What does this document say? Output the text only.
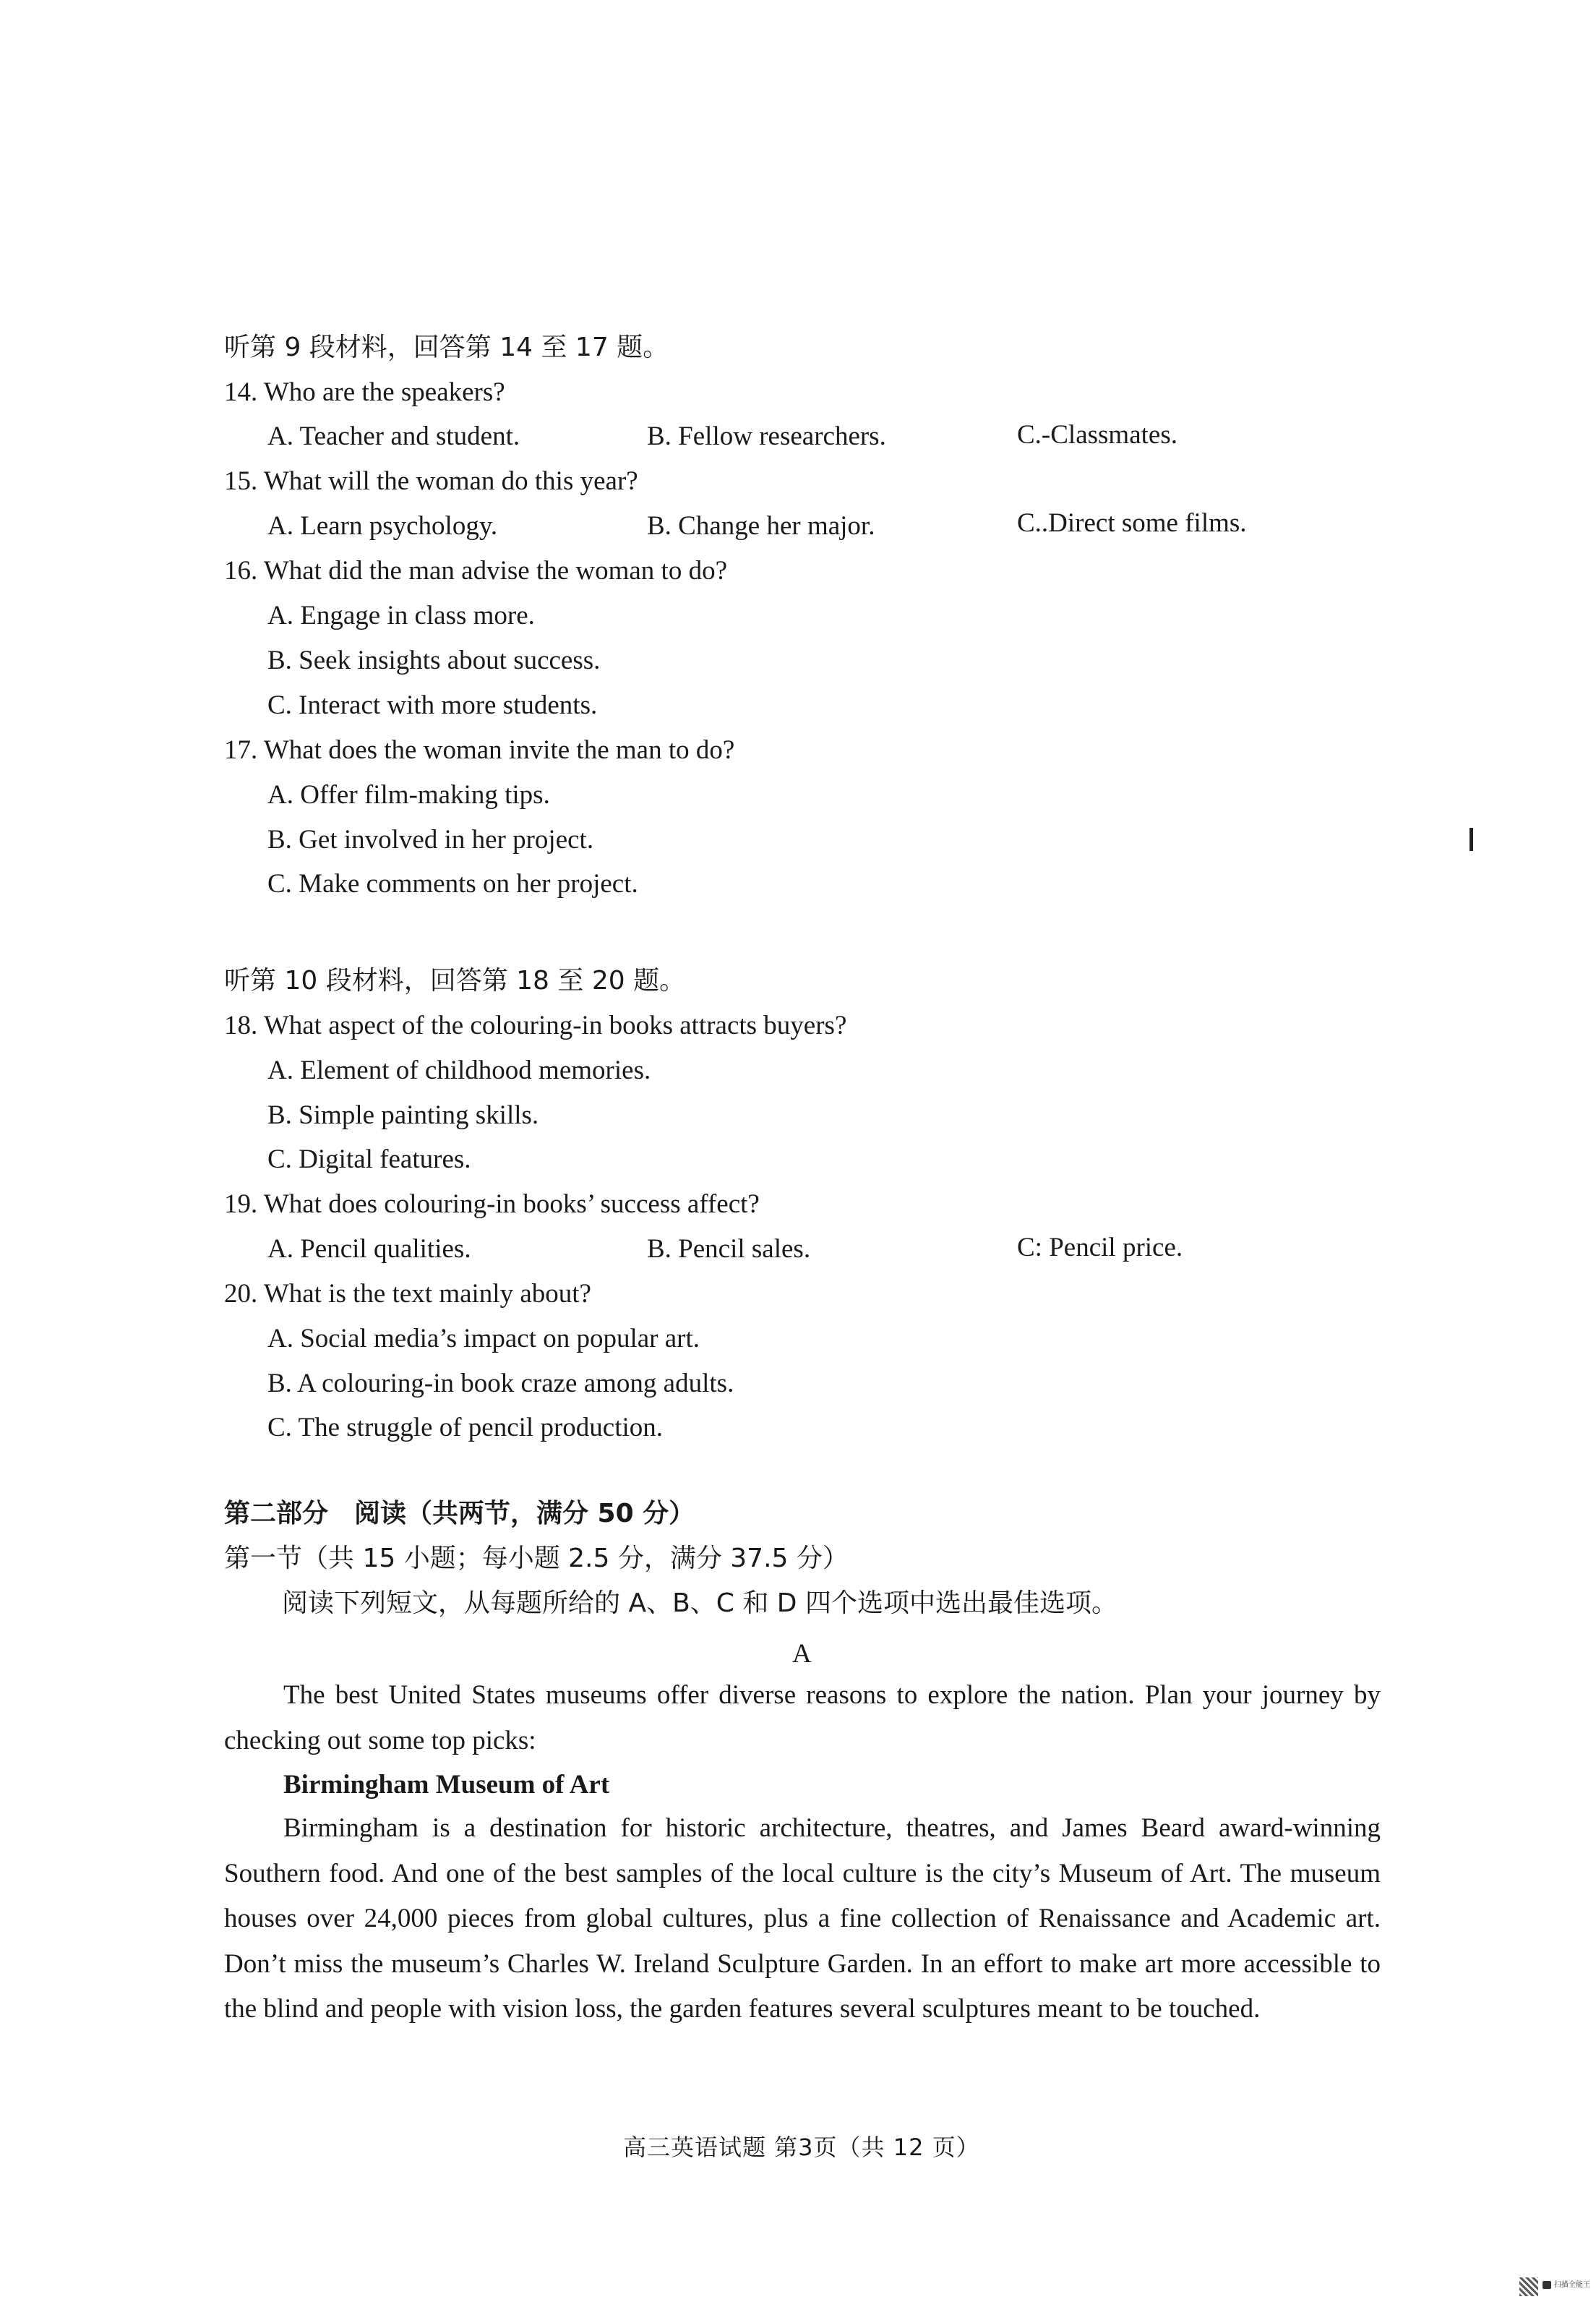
听第 9 段材料，回答第 14 至 17 题。
14. Who are the speakers?
A. Teacher and student.	B. Fellow researchers.	C.-Classmates.
15. What will the woman do this year?
A. Learn psychology.	B. Change her major.	C..Direct some films.
16. What did the man advise the woman to do?
A. Engage in class more.
B. Seek insights about success.
C. Interact with more students.
17. What does the woman invite the man to do?
A. Offer film-making tips.
B. Get involved in her project.
C. Make comments on her project.
听第 10 段材料，回答第 18 至 20 题。
18. What aspect of the colouring-in books attracts buyers?
A. Element of childhood memories.
B. Simple painting skills.
C. Digital features.
19. What does colouring-in books’ success affect?
A. Pencil qualities.	B. Pencil sales.	C: Pencil price.
20. What is the text mainly about?
A. Social media’s impact on popular art.
B. A colouring-in book craze among adults.
C. The struggle of pencil production.
第二部分　阅读（共两节，满分 50 分）
第一节（共 15 小题；每小题 2.5 分，满分 37.5 分）
阅读下列短文，从每题所给的 A、B、C 和 D 四个选项中选出最佳选项。
A
The best United States museums offer diverse reasons to explore the nation. Plan your journey by checking out some top picks:
Birmingham Museum of Art
Birmingham is a destination for historic architecture, theatres, and James Beard award-winning Southern food. And one of the best samples of the local culture is the city’s Museum of Art. The museum houses over 24,000 pieces from global cultures, plus a fine collection of Renaissance and Academic art. Don’t miss the museum’s Charles W. Ireland Sculpture Garden. In an effort to make art more accessible to the blind and people with vision loss, the garden features several sculptures meant to be touched.
高三英语试题 第3页（共 12 页）
扫描全能王
